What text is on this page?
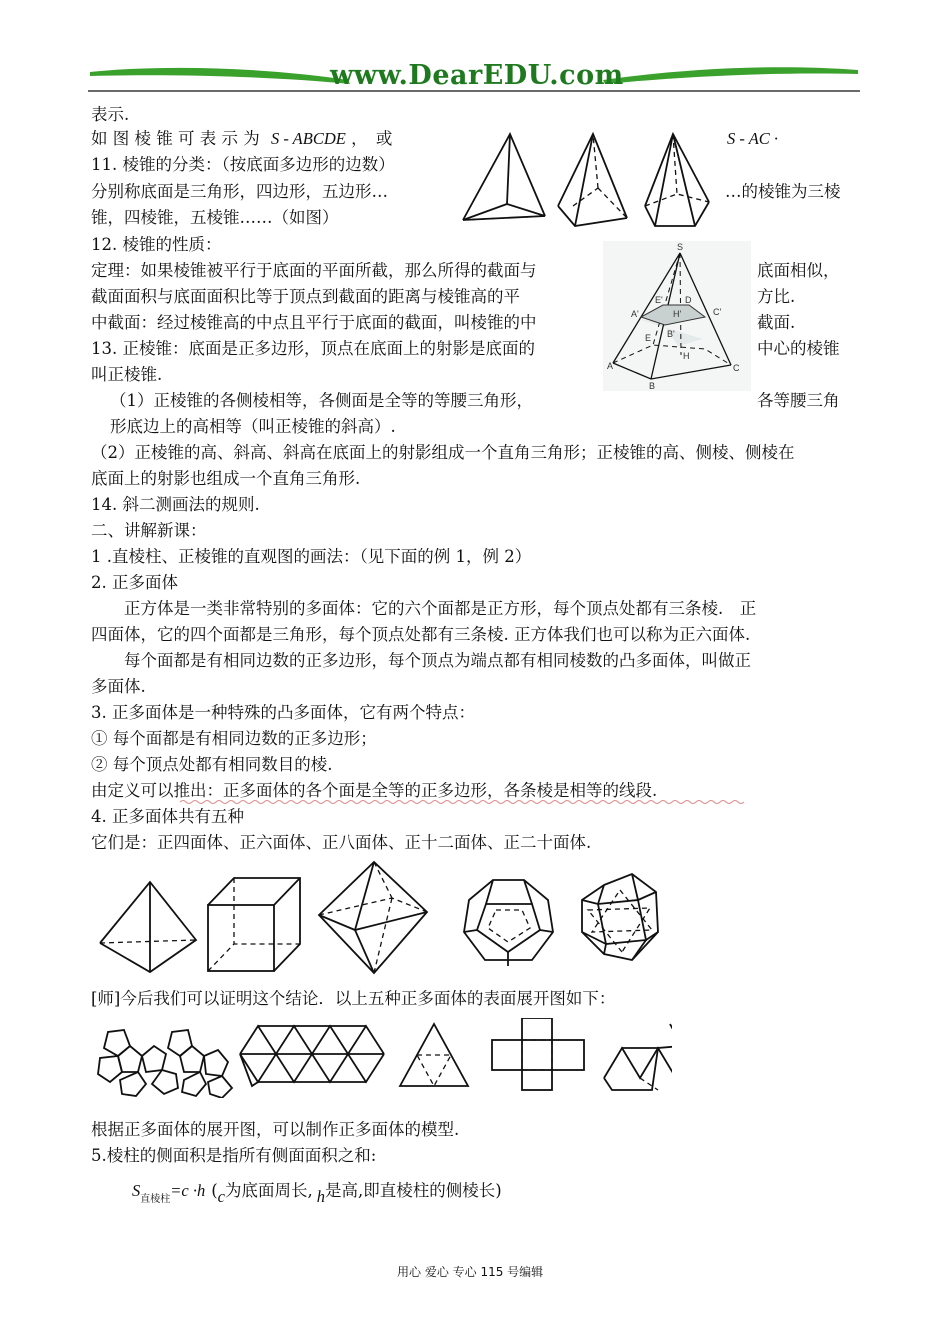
www.DearEDU.com
表示.
如 图 棱 锥 可 表 示 为 S - ABCDE ，　或	S - AC ·
11. 棱锥的分类：（按底面多边形的边数）
分别称底面是三角形，四边形，五边形…	…的棱锥为三棱
锥，四棱锥，五棱锥……（如图）
12. 棱锥的性质：
定理：如果棱锥被平行于底面的平面所截，那么所得的截面与	底面相似，
截面面积与底面面积比等于顶点到截面的距离与棱锥高的平	方比.
中截面：经过棱锥高的中点且平行于底面的截面，叫棱锥的中	截面.
13. 正棱锥：底面是正多边形，顶点在底面上的射影是底面的	中心的棱锥
叫正棱锥.
S
A
B
C
H
E
A'
B'
C'
D
E'
H'
（1）正棱锥的各侧棱相等，各侧面是全等的等腰三角形，	各等腰三角
形底边上的高相等（叫正棱锥的斜高）.
（2）正棱锥的高、斜高、斜高在底面上的射影组成一个直角三角形；正棱锥的高、侧棱、侧棱在
底面上的射影也组成一个直角三角形.
14. 斜二测画法的规则.
二、讲解新课：
1 .直棱柱、正棱锥的直观图的画法：（见下面的例 1，例 2）
2. 正多面体
　　正方体是一类非常特别的多面体：它的六个面都是正方形，每个顶点处都有三条棱.　正
四面体，它的四个面都是三角形，每个顶点处都有三条棱. 正方体我们也可以称为正六面体.
　　每个面都是有相同边数的正多边形，每个顶点为端点都有相同棱数的凸多面体，叫做正
多面体.
3. 正多面体是一种特殊的凸多面体，它有两个特点：
① 每个面都是有相同边数的正多边形；
② 每个顶点处都有相同数目的棱.
由定义可以推出：正多面体的各个面是全等的正多边形，各条棱是相等的线段.
4. 正多面体共有五种
它们是：正四面体、正六面体、正八面体、正十二面体、正二十面体.
[师]今后我们可以证明这个结论．以上五种正多面体的表面展开图如下：
根据正多面体的展开图，可以制作正多面体的模型.
5.棱柱的侧面积是指所有侧面面积之和:
$S_{直棱柱}=c \cdot h$ (c为底面周长, h是高,即直棱柱的侧棱长)
用心 爱心 专心 115 号编辑
